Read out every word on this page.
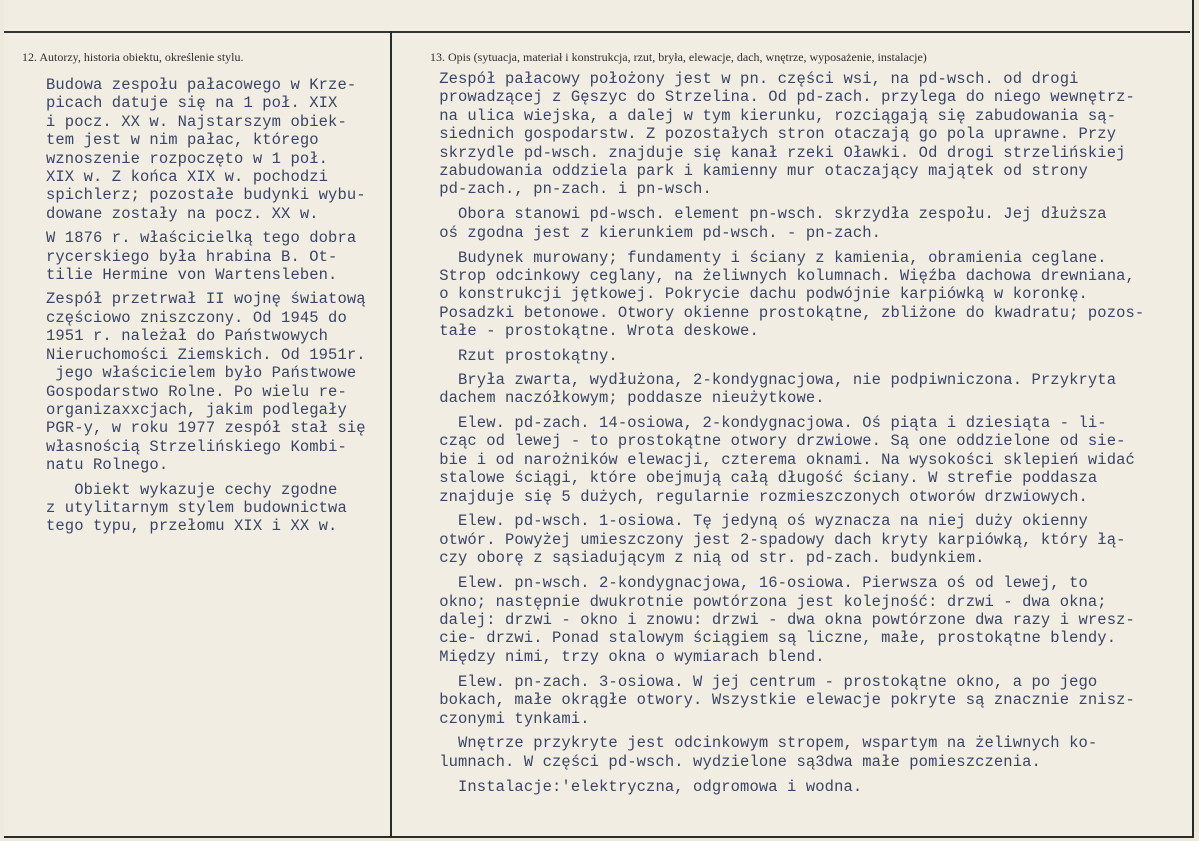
12. Autorzy, historia obiektu, określenie stylu.	13. Opis (sytuacja, materiał i konstrukcja, rzut, bryła, elewacje, dach, wnętrze, wyposażenie, instalacje)

Budowa zespołu pałacowego w Krze-
picach datuje się na 1 poł. XIX
i pocz. XX w. Najstarszym obiek-
tem jest w nim pałac, którego
wznoszenie rozpoczęto w 1 poł.
XIX w. Z końca XIX w. pochodzi
spichlerz; pozostałe budynki wybu-
dowane zostały na pocz. XX w.

W 1876 r. właścicielką tego dobra
rycerskiego była hrabina B. Ot-
tilie Hermine von Wartensleben.

Zespół przetrwał II wojnę światową
częściowo zniszczony. Od 1945 do
1951 r. należał do Państwowych
Nieruchomości Ziemskich. Od 1951r.
jego właścicielem było Państwowe
Gospodarstwo Rolne. Po wielu re-
organizaxxcjach, jakim podlegały
PGR-y, w roku 1977 zespół stał się
własnością Strzelińskiego Kombi-
natu Rolnego.

Obiekt wykazuje cechy zgodne
z utylitarnym stylem budownictwa
tego typu, przełomu XIX i XX w.

Zespół pałacowy położony jest w pn. części wsi, na pd-wsch. od drogi
prowadzącej z Gęszyc do Strzelina. Od pd-zach. przylega do niego wewnętrz-
na ulica wiejska, a dalej w tym kierunku, rozciągają się zabudowania są-
siednich gospodarstw. Z pozostałych stron otaczają go pola uprawne. Przy
skrzydle pd-wsch. znajduje się kanał rzeki Oławki. Od drogi strzelińskiej
zabudowania oddziela park i kamienny mur otaczający majątek od strony
pd-zach., pn-zach. i pn-wsch.

Obora stanowi pd-wsch. element pn-wsch. skrzydła zespołu. Jej dłuższa
oś zgodna jest z kierunkiem pd-wsch. - pn-zach.

Budynek murowany; fundamenty i ściany z kamienia, obramienia ceglane.
Strop odcinkowy ceglany, na żeliwnych kolumnach. Więźba dachowa drewniana,
o konstrukcji jętkowej. Pokrycie dachu podwójnie karpiówką w koronkę.
Posadzki betonowe. Otwory okienne prostokątne, zbliżone do kwadratu; pozos-
tałe - prostokątne. Wrota deskowe.

Rzut prostokątny.

Bryła zwarta, wydłużona, 2-kondygnacjowa, nie podpiwniczona. Przykryta
dachem naczółkowym; poddasze nieużytkowe.

Elew. pd-zach. 14-osiowa, 2-kondygnacjowa. Oś piąta i dziesiąta - li-
cząc od lewej - to prostokątne otwory drzwiowe. Są one oddzielone od sie-
bie i od narożników elewacji, czterema oknami. Na wysokości sklepień widać
stalowe ściągi, które obejmują całą długość ściany. W strefie poddasza
znajduje się 5 dużych, regularnie rozmieszczonych otworów drzwiowych.

Elew. pd-wsch. 1-osiowa. Tę jedyną oś wyznacza na niej duży okienny
otwór. Powyżej umieszczony jest 2-spadowy dach kryty karpiówką, który łą-
czy oborę z sąsiadującym z nią od str. pd-zach. budynkiem.

Elew. pn-wsch. 2-kondygnacjowa, 16-osiowa. Pierwsza oś od lewej, to
okno; następnie dwukrotnie powtórzona jest kolejność: drzwi - dwa okna;
dalej: drzwi - okno i znowu: drzwi - dwa okna powtórzone dwa razy i wresz-
cie- drzwi. Ponad stalowym ściągiem są liczne, małe, prostokątne blendy.
Między nimi, trzy okna o wymiarach blend.

Elew. pn-zach. 3-osiowa. W jej centrum - prostokątne okno, a po jego
bokach, małe okrągłe otwory. Wszystkie elewacje pokryte są znacznie znisz-
czonymi tynkami.

Wnętrze przykryte jest odcinkowym stropem, wspartym na żeliwnych ko-
lumnach. W części pd-wsch. wydzielone są3dwa małe pomieszczenia.

Instalacje:'elektryczna, odgromowa i wodna.
